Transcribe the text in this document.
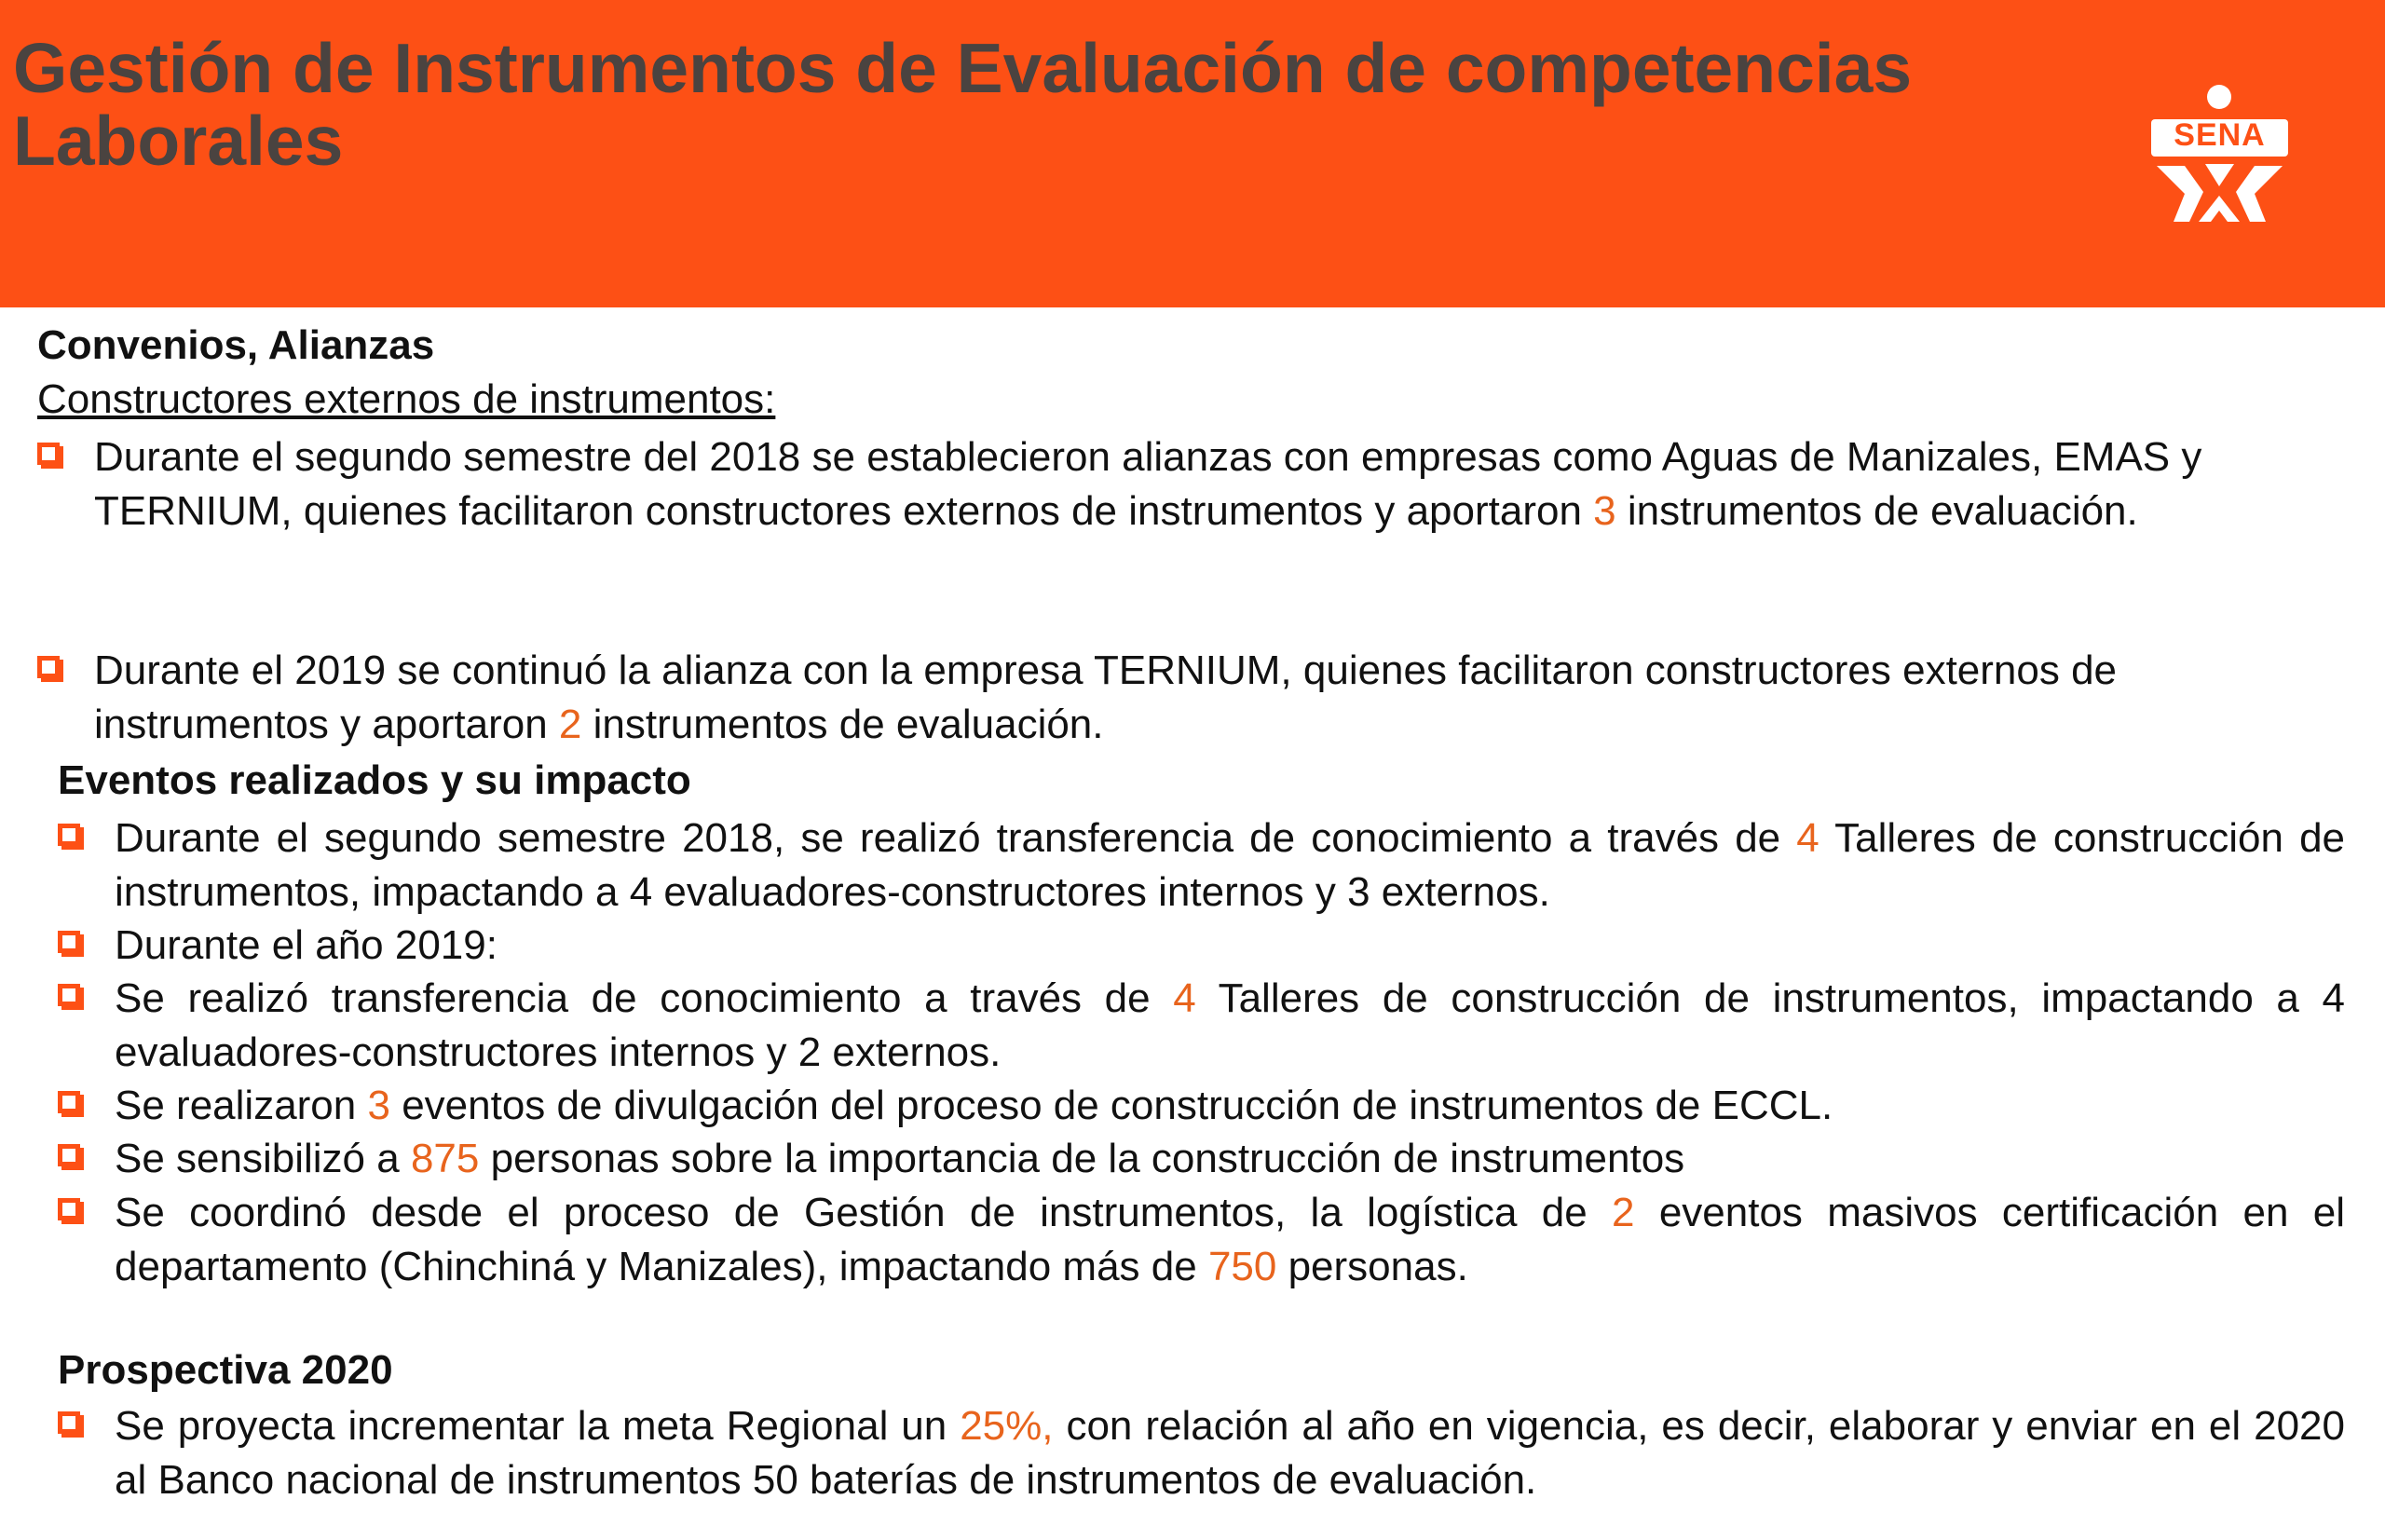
Gestión de Instrumentos de Evaluación de competencias Laborales	SENA
Convenios, Alianzas
Constructores externos de instrumentos:
Durante el segundo semestre del 2018 se establecieron alianzas con empresas como Aguas de Manizales, EMAS y TERNIUM, quienes facilitaron constructores externos de instrumentos y aportaron 3 instrumentos de evaluación.
Durante el 2019 se continuó la alianza con la empresa TERNIUM, quienes facilitaron constructores externos de instrumentos y aportaron 2 instrumentos de evaluación.
Eventos realizados y su impacto
Durante el segundo semestre 2018, se realizó transferencia de conocimiento a través de 4 Talleres de construcción de instrumentos, impactando a 4 evaluadores-constructores internos y 3 externos.
Durante el año 2019:
Se realizó transferencia de conocimiento a través de 4 Talleres de construcción de instrumentos, impactando a 4 evaluadores-constructores internos y 2 externos.
Se realizaron 3 eventos de divulgación del proceso de construcción de instrumentos de ECCL.
Se sensibilizó a 875 personas sobre la importancia de la construcción de instrumentos
Se coordinó desde el proceso de Gestión de instrumentos, la logística de 2 eventos masivos certificación en el departamento (Chinchiná y Manizales), impactando más de 750 personas.
Prospectiva 2020
Se proyecta incrementar la meta Regional un 25%, con relación al año en vigencia, es decir, elaborar y enviar en el 2020 al Banco nacional de instrumentos 50 baterías de instrumentos de evaluación.
